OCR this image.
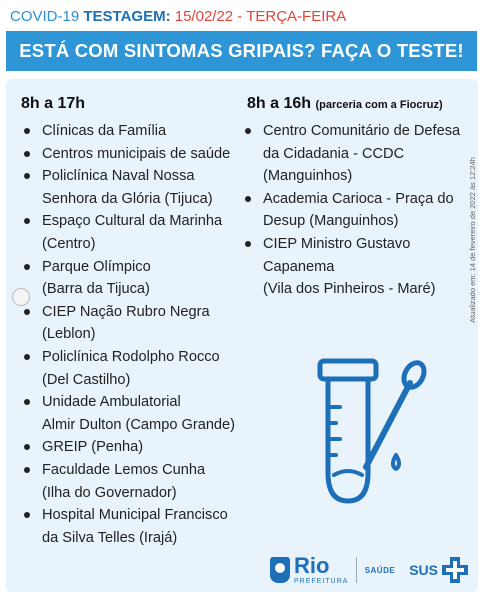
COVID-19 TESTAGEM: 15/02/22 - TERÇA-FEIRA
ESTÁ COM SINTOMAS GRIPAIS? FAÇA O TESTE!
8h a 17h
Clínicas da Família
Centros municipais de saúde
Policlínica Naval Nossa
Senhora da Glória (Tijuca)
Espaço Cultural da Marinha
(Centro)
Parque Olímpico
(Barra da Tijuca)
CIEP Nação Rubro Negra
(Leblon)
Policlínica Rodolpho Rocco
(Del Castilho)
Unidade Ambulatorial
Almir Dulton (Campo Grande)
GREIP (Penha)
Faculdade Lemos Cunha
(Ilha do Governador)
Hospital Municipal Francisco
da Silva Telles (Irajá)
8h a 16h (parceria com a Fiocruz)
Centro Comunitário de Defesa
da Cidadania - CCDC
(Manguinhos)
Academia Carioca - Praça do
Desup (Manguinhos)
CIEP Ministro Gustavo
Capanema
(Vila dos Pinheiros - Maré)	Atualizado em: 14 de fevereiro de 2022 às 12:24h
Rio
PREFEITURA
SAÚDE SUS
